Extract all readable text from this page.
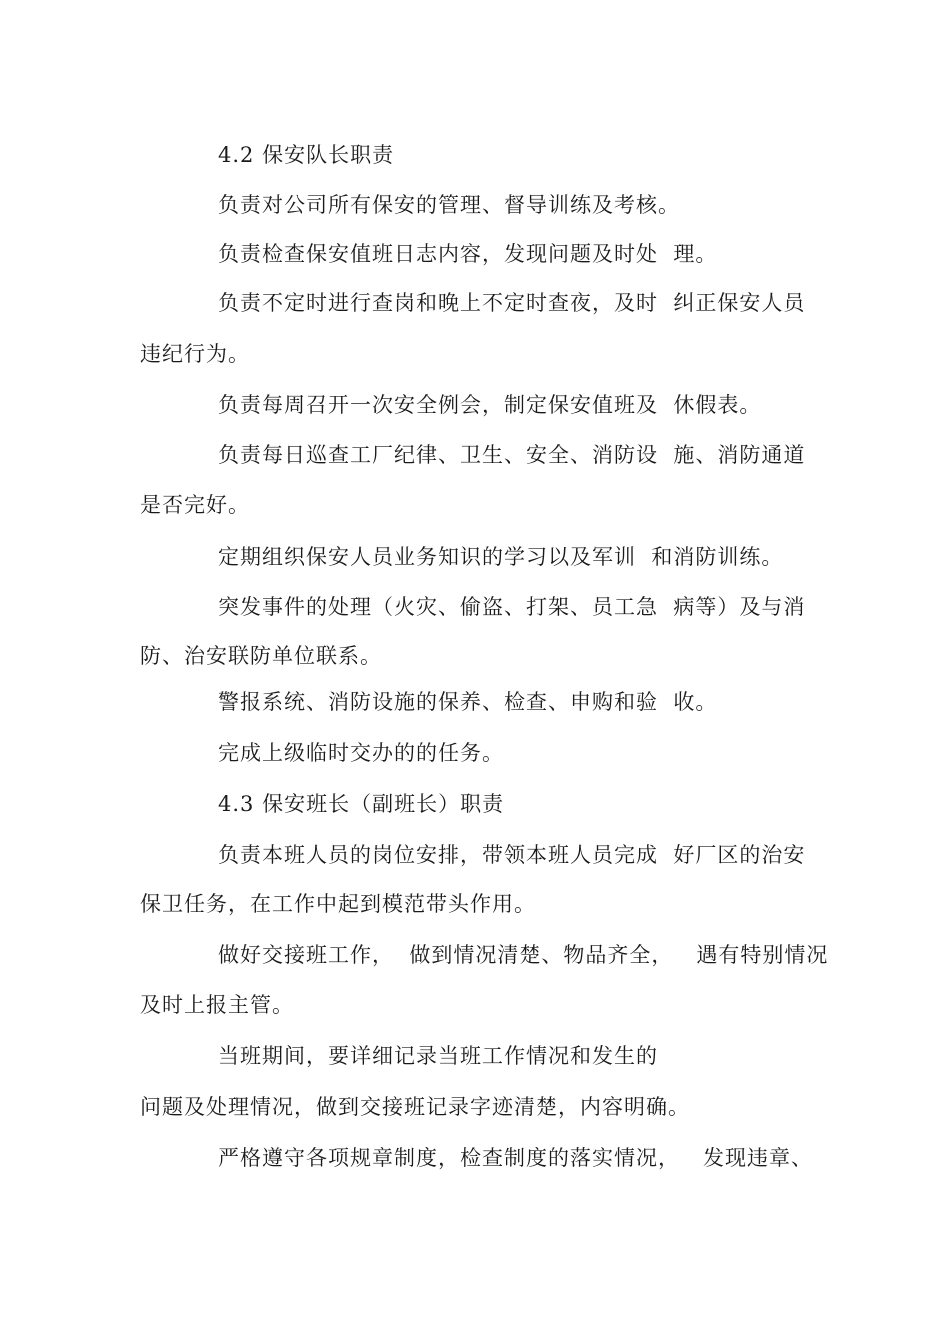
4.2 保安队长职责
负责对公司所有保安的管理、督导训练及考核。
负责检查保安值班日志内容，发现问题及时处  理。
负责不定时进行查岗和晚上不定时查夜，及时  纠正保安人员
违纪行为。
负责每周召开一次安全例会，制定保安值班及  休假表。
负责每日巡查工厂纪律、卫生、安全、消防设  施、消防通道
是否完好。
定期组织保安人员业务知识的学习以及军训  和消防训练。
突发事件的处理（火灾、偷盗、打架、员工急  病等）及与消
防、治安联防单位联系。
警报系统、消防设施的保养、检查、申购和验  收。
完成上级临时交办的的任务。
4.3 保安班长（副班长）职责
负责本班人员的岗位安排，带领本班人员完成  好厂区的治安
保卫任务，在工作中起到模范带头作用。
做好交接班工作，  做到情况清楚、物品齐全，   遇有特别情况
及时上报主管。
当班期间，要详细记录当班工作情况和发生的
问题及处理情况，做到交接班记录字迹清楚，内容明确。
严格遵守各项规章制度，检查制度的落实情况，   发现违章、
